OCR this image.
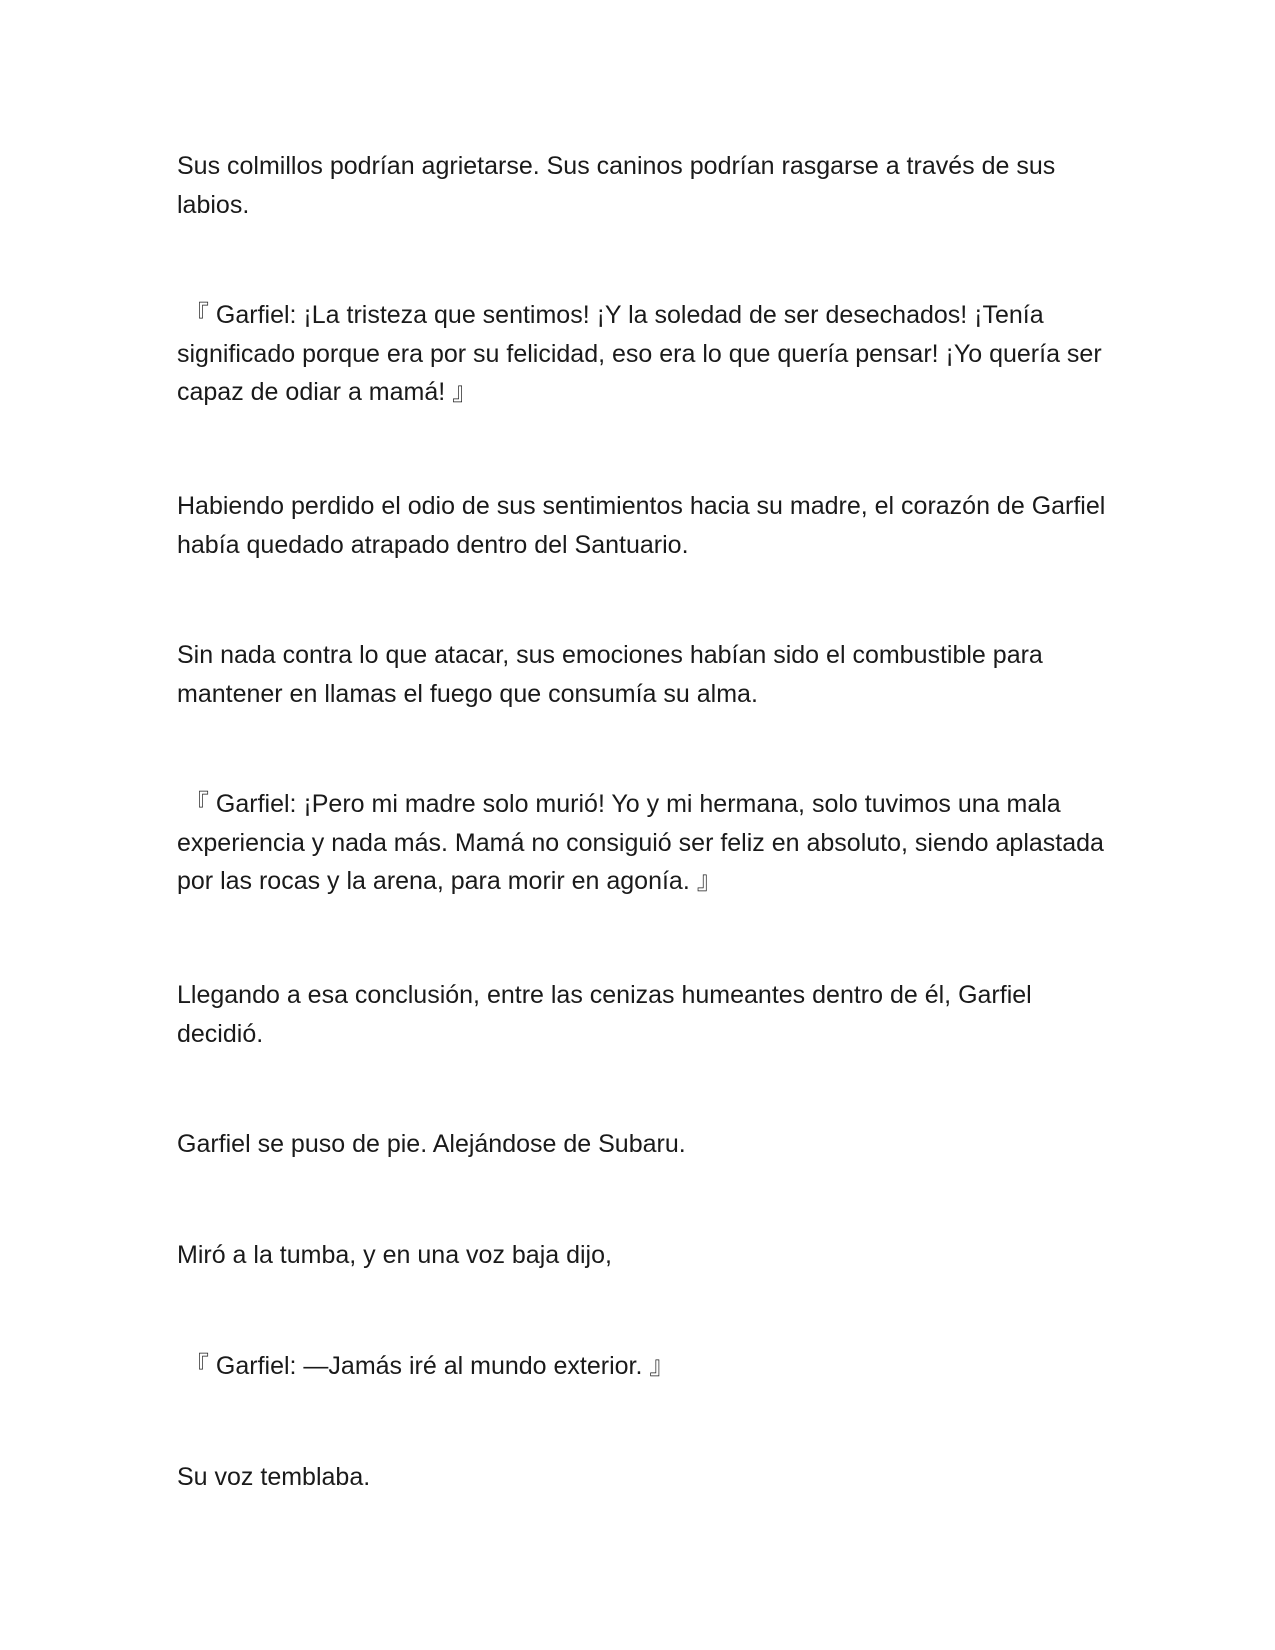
Sus colmillos podrían agrietarse. Sus caninos podrían rasgarse a través de sus labios.

『 Garfiel: ¡La tristeza que sentimos! ¡Y la soledad de ser desechados! ¡Tenía significado porque era por su felicidad, eso era lo que quería pensar! ¡Yo quería ser capaz de odiar a mamá! 』

Habiendo perdido el odio de sus sentimientos hacia su madre, el corazón de Garfiel había quedado atrapado dentro del Santuario.

Sin nada contra lo que atacar, sus emociones habían sido el combustible para mantener en llamas el fuego que consumía su alma.

『 Garfiel: ¡Pero mi madre solo murió! Yo y mi hermana, solo tuvimos una mala experiencia y nada más. Mamá no consiguió ser feliz en absoluto, siendo aplastada por las rocas y la arena, para morir en agonía. 』

Llegando a esa conclusión, entre las cenizas humeantes dentro de él, Garfiel decidió.

Garfiel se puso de pie. Alejándose de Subaru.

Miró a la tumba, y en una voz baja dijo,

『 Garfiel: —Jamás iré al mundo exterior. 』

Su voz temblaba.
